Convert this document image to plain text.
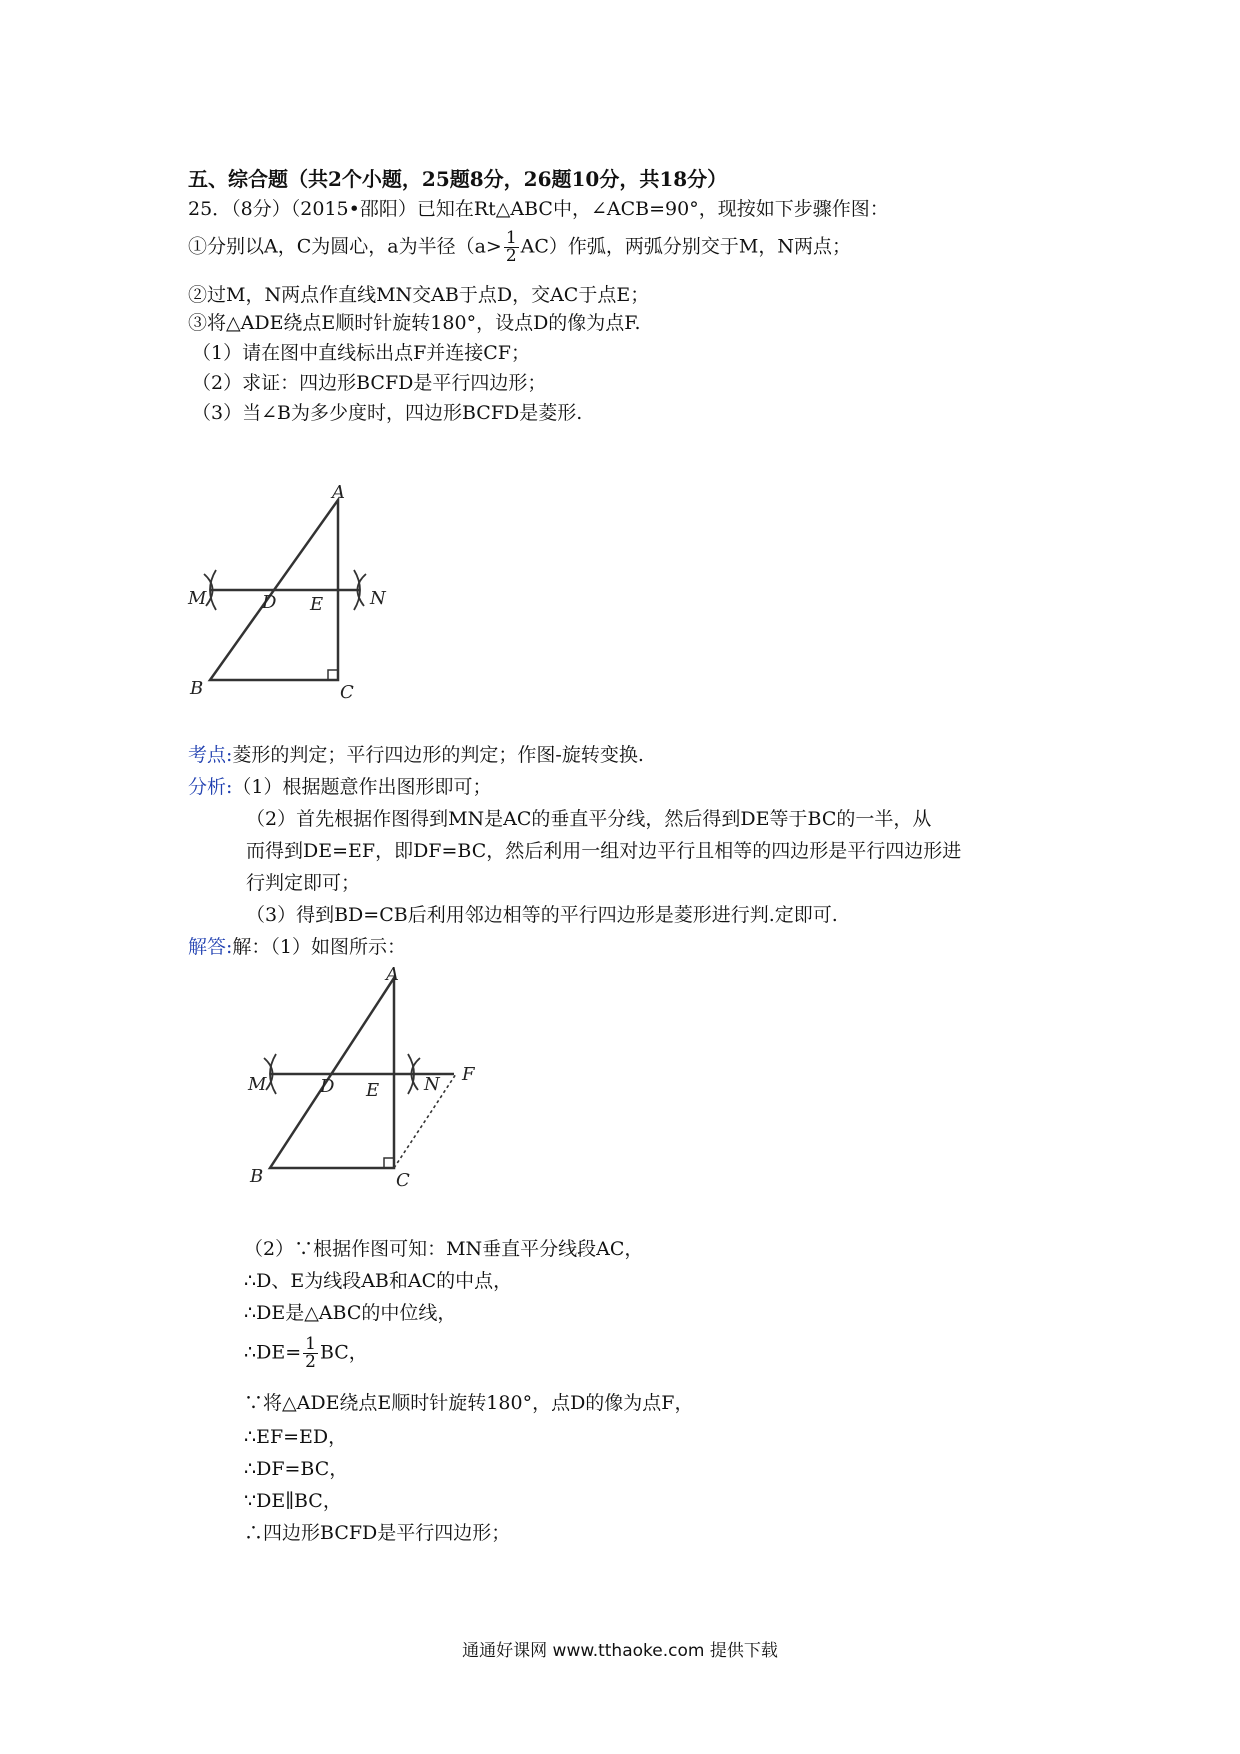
五、综合题（共2个小题，25题8分，26题10分，共18分）
25．（8分）（2015•邵阳）已知在Rt△ABC中，∠ACB=90°，现按如下步骤作图：
①分别以A，C为圆心，a为半径$(a> \frac{1}{2} AC)$作弧，两弧分别交于M，N两点；
②过M，N两点作直线MN交AB于点D，交AC于点E；
③将△ADE绕点E顺时针旋转180°，设点D的像为点F.
（1）请在图中直线标出点F并连接CF；
（2）求证：四边形BCFD是平行四边形；
（3）当∠B为多少度时，四边形BCFD是菱形.
A
M	D E	N
B	C
考点:菱形的判定；平行四边形的判定；作图-旋转变换.
分析:（1）根据题意作出图形即可；
（2）首先根据作图得到MN是AC的垂直平分线，然后得到DE等于BC的一半，从
而得到DE=EF，即DF=BC，然后利用一组对边平行且相等的四边形是平行四边形进
行判定即可；
（3）得到BD=CB后利用邻边相等的平行四边形是菱形进行判.定即可.
解答:解：（1）如图所示：
A
M	D E N F
B	C
（2）∵根据作图可知：MN垂直平分线段AC，
∴D、E为线段AB和AC的中点，
∴DE是△ABC的中位线，
∴DE= $\frac{1}{2}$ BC，
∵将△ADE绕点E顺时针旋转180°，点D的像为点F，
∴EF=ED，
∴DF=BC，
∵DE∥BC，
∴四边形BCFD是平行四边形；
通通好课网 www.tthaoke.com 提供下载
